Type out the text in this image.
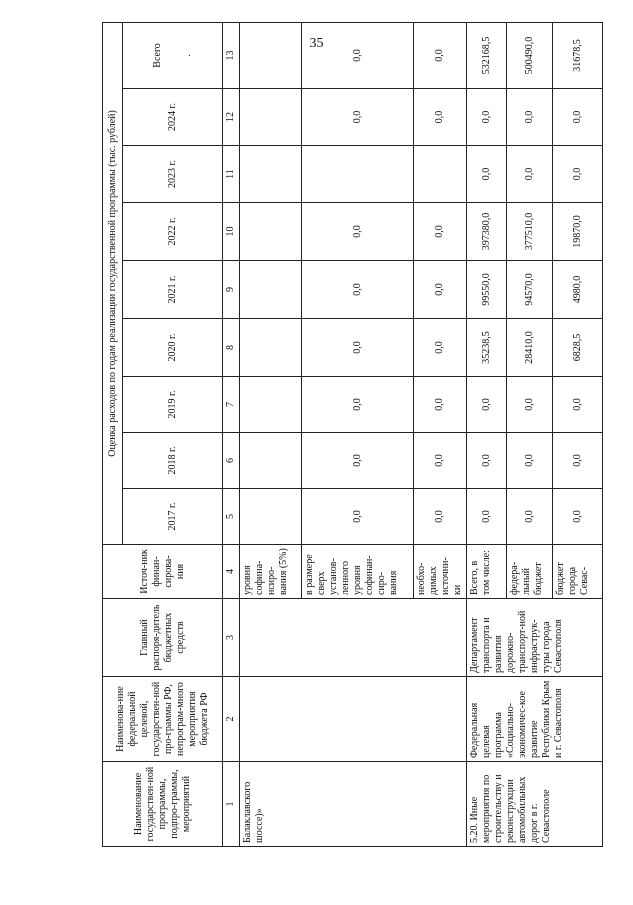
35
Наименование государствен-ной программы, подпро-граммы, мероприятий	Наименова-ние федеральной целевой, государствен-ной про-граммы РФ, непрограм-много мероприятия бюджета РФ	Главный распоря-дитель бюджетных средств	Источ-ник финан-сирова-ния	Оценка расходов по годам реализации государственной программы (тыс. рублей)								
				2017 г.	2018 г.	2019 г.	2020 г.	2021 г.	2022 г.	2023 г.	2024 г.	Всего .

1	2	3	4	5	6	7	8	9	10	11	12	13
Балаклавского шоссе)»			уровня софина-нсиро-вания (5%)									
			в размере сверх установ-ленного уровня софинан-сиро-вания	0,0	0,0	0,0	0,0	0,0	0,0		0,0	0,0
			необхо-димых источни-ки	0,0	0,0	0,0	0,0	0,0	0,0		0,0	0,0
5.20. Иные мероприятия по строительству и реконструкции автомобильных дорог в г. Севастополе	Федеральная целевая программа «Социально-экономичес-кое развитие Республики Крым и г. Севастополя	Департамент транспорта и развития дорожно-транспорт-ной инфраструк-туры города Севастополя	Всего, в том числе:	0,0	0,0	0,0	35238,5	99550,0	397380,0	0,0	0,0	532168,5
			федера-льный бюджет	0,0	0,0	0,0	28410,0	94570,0	377510,0	0,0	0,0	500490,0
			бюджет города Севас-	0,0	0,0	0,0	6828,5	4980,0	19870,0	0,0	0,0	31678,5
